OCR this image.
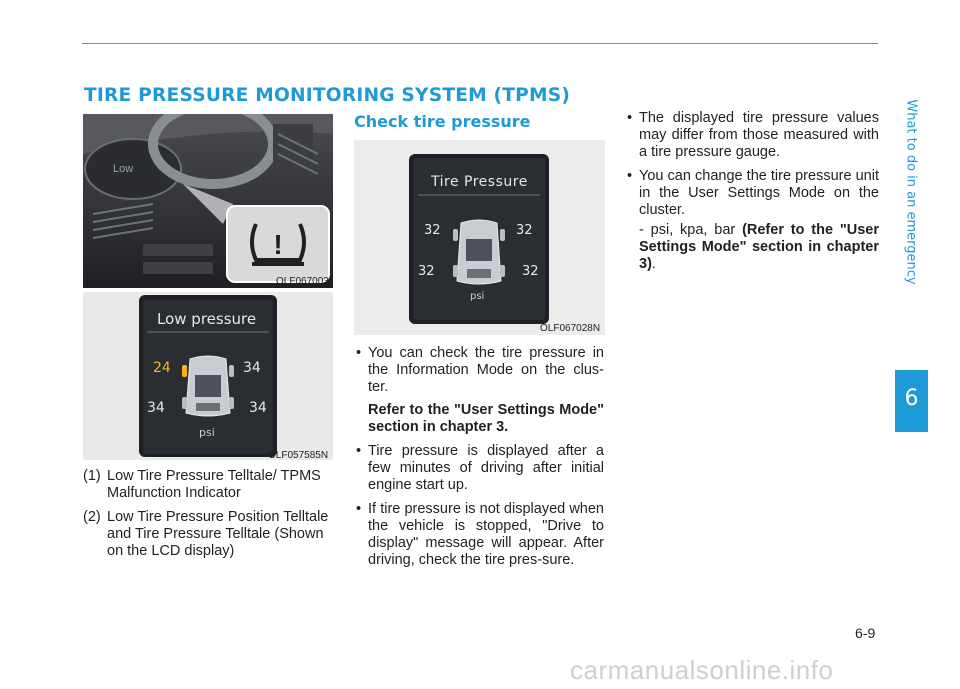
TIRE PRESSURE MONITORING SYSTEM (TPMS)
What to do in an emergency
6
Low
!
OLF067003
Low pressure
24	34
34	34
psi
OLF057585N
(1) Low Tire Pressure Telltale/ TPMS Malfunction Indicator
(2) Low Tire Pressure Position Telltale and Tire Pressure Telltale (Shown on the LCD display)
Check tire pressure
Tire Pressure
32	32
32	32
psi
OLF067028N

• You can check the tire pressure in the Information Mode on the clus-ter.

Refer to the "User Settings Mode" section in chapter 3.

• Tire pressure is displayed after a few minutes of driving after initial engine start up.

• If tire pressure is not displayed when the vehicle is stopped, "Drive to display" message will appear. After driving, check the tire pres-sure.

• The displayed tire pressure values may differ from those measured with a tire pressure gauge.

• You can change the tire pressure unit in the User Settings Mode on the cluster.

- psi, kpa, bar (Refer to the "User Settings Mode" section in chapter 3).

6-9
carmanualsonline.info
